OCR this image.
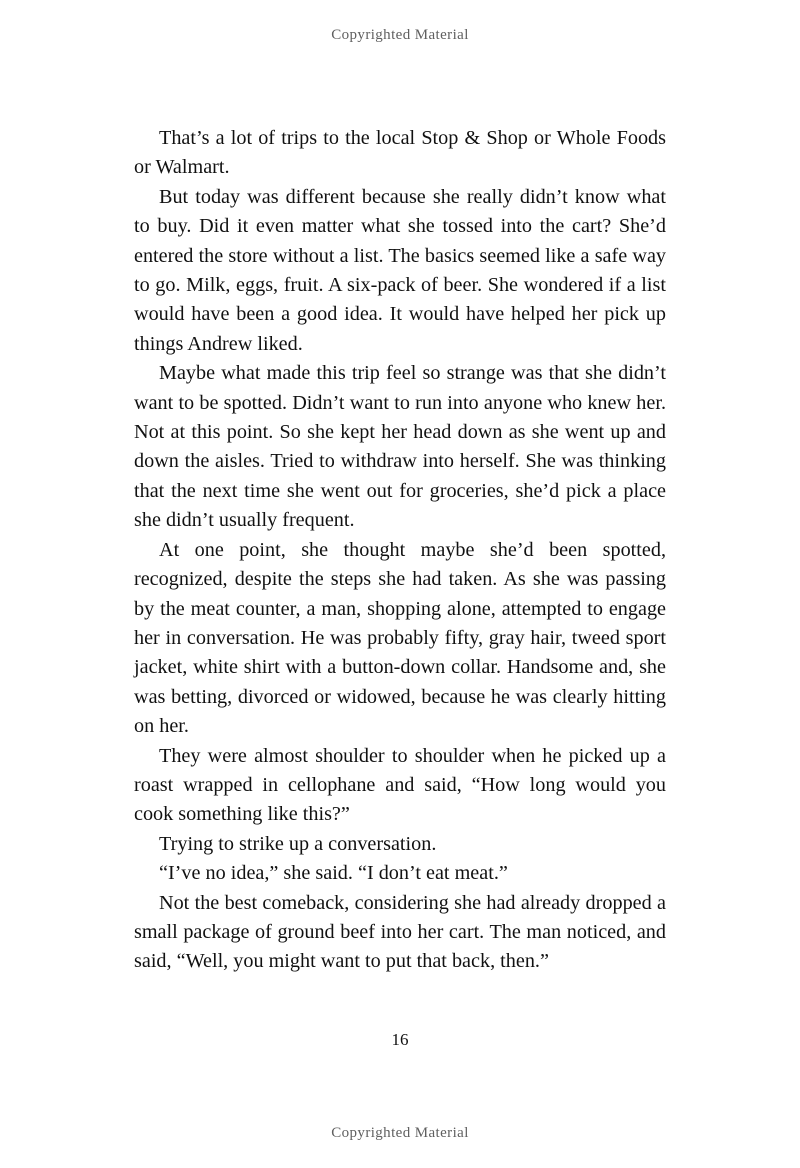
Copyrighted Material

That’s a lot of trips to the local Stop & Shop or Whole Foods or Walmart.

But today was different because she really didn’t know what to buy. Did it even matter what she tossed into the cart? She’d entered the store without a list. The basics seemed like a safe way to go. Milk, eggs, fruit. A six-pack of beer. She wondered if a list would have been a good idea. It would have helped her pick up things Andrew liked.

Maybe what made this trip feel so strange was that she didn’t want to be spotted. Didn’t want to run into anyone who knew her. Not at this point. So she kept her head down as she went up and down the aisles. Tried to withdraw into herself. She was thinking that the next time she went out for groceries, she’d pick a place she didn’t usually frequent.

At one point, she thought maybe she’d been spotted, recognized, despite the steps she had taken. As she was passing by the meat counter, a man, shopping alone, attempted to engage her in conversation. He was probably fifty, gray hair, tweed sport jacket, white shirt with a button-down collar. Handsome and, she was betting, divorced or widowed, because he was clearly hitting on her.

They were almost shoulder to shoulder when he picked up a roast wrapped in cellophane and said, “How long would you cook something like this?”

Trying to strike up a conversation.

“I’ve no idea,” she said. “I don’t eat meat.”

Not the best comeback, considering she had already dropped a small package of ground beef into her cart. The man noticed, and said, “Well, you might want to put that back, then.”

16
Copyrighted Material
